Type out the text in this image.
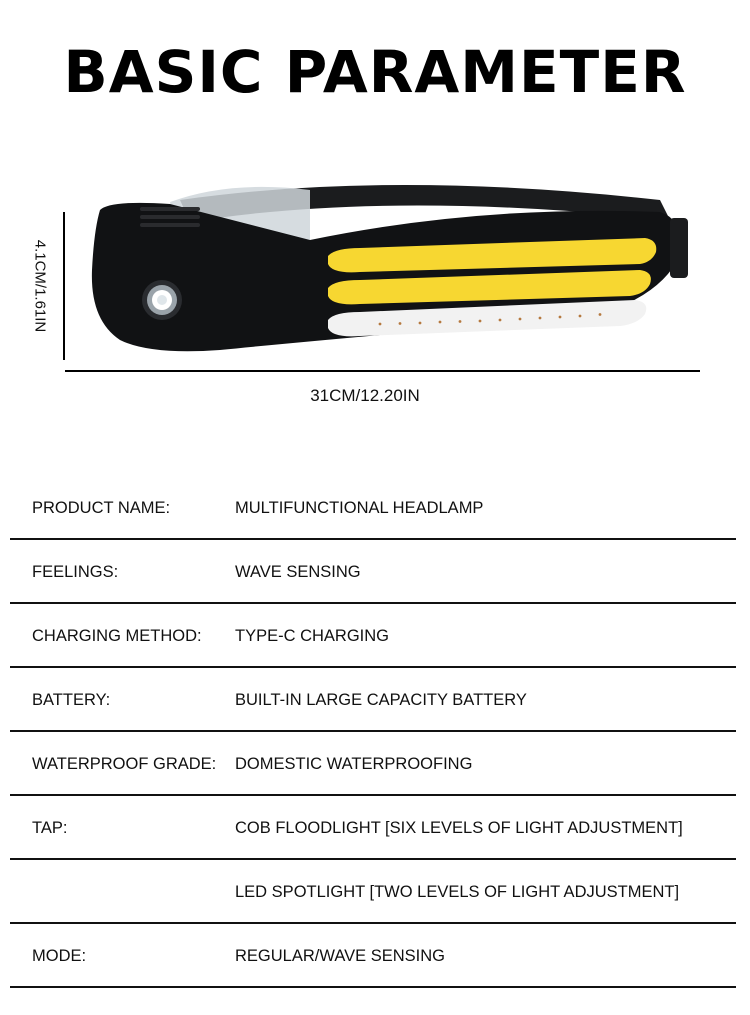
BASIC PARAMETER
4.1CM/1.61IN
31CM/12.20IN
PRODUCT NAME:	MULTIFUNCTIONAL HEADLAMP
FEELINGS:	WAVE SENSING
CHARGING METHOD: TYPE-C CHARGING
BATTERY:	BUILT-IN LARGE CAPACITY BATTERY
WATERPROOF GRADE: DOMESTIC WATERPROOFING
TAP:	COB FLOODLIGHT [SIX LEVELS OF LIGHT ADJUSTMENT]
LED SPOTLIGHT [TWO LEVELS OF LIGHT ADJUSTMENT]
MODE:	REGULAR/WAVE SENSING
